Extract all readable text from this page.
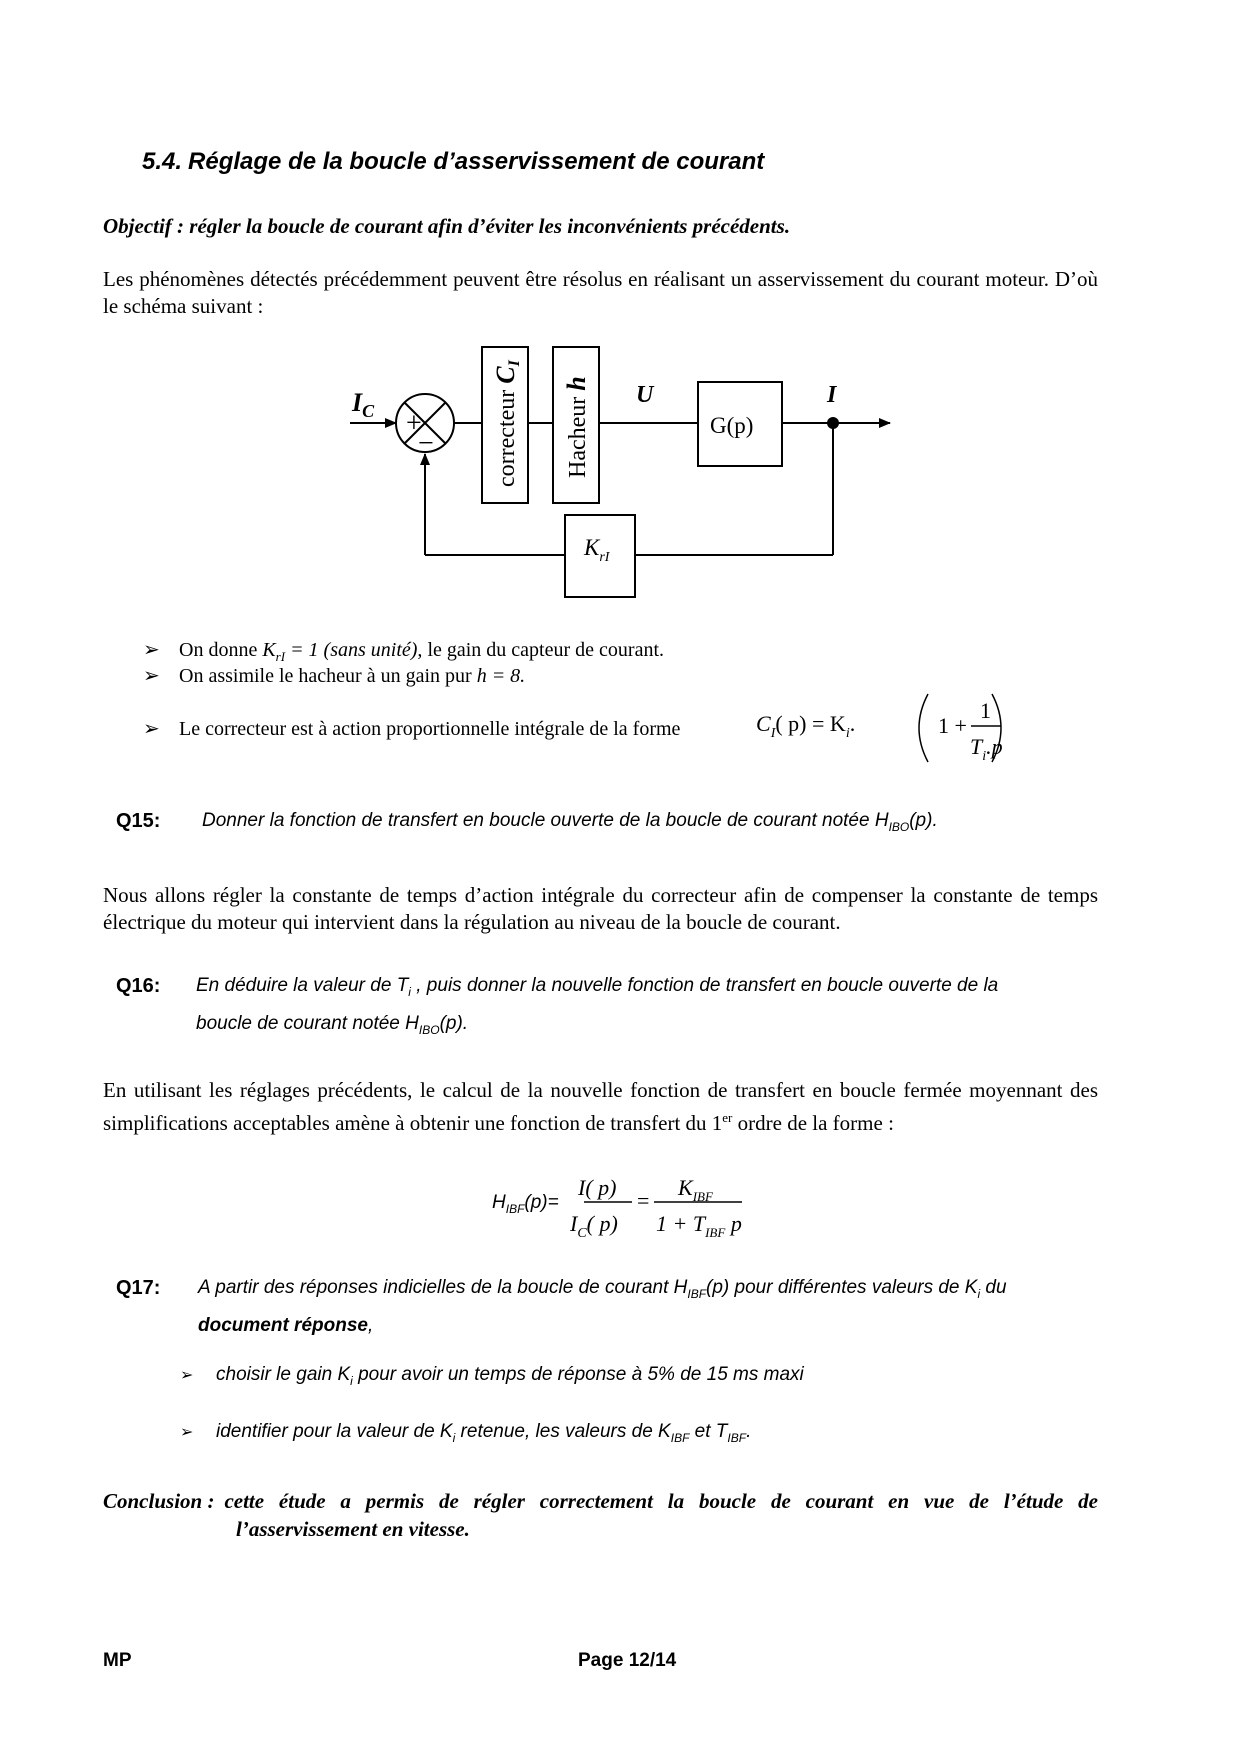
5.4. Réglage de la boucle d’asservissement de courant
Objectif : régler la boucle de courant afin d’éviter les inconvénients précédents.
Les phénomènes détectés précédemment peuvent être résolus en réalisant un asservissement du courant moteur. D’où le schéma suivant :
$I_C$ +
−	correcteur $C_I$
Hacheur h U
G(p)
I
$K_{rI}$
➢ On donne $K_{rI} = 1$ (sans unité), le gain du capteur de courant.
➢ On assimile le hacheur à un gain pur h = 8.
➢ Le correcteur est à action proportionnelle intégrale de la forme	$C_I$( $p) = K_i$.	1 +
1
$T_i.p$
Q15: Donner la fonction de transfert en boucle ouverte de la boucle de courant notée $H_{IBO}(p)$.
Nous allons régler la constante de temps d’action intégrale du correcteur afin de compenser la constante de temps électrique du moteur qui intervient dans la régulation au niveau de la boucle de courant.
Q16: En déduire la valeur de $T_i$ , puis donner la nouvelle fonction de transfert en boucle ouverte de la
boucle de courant notée $H_{IBO}(p)$.
En utilisant les réglages précédents, le calcul de la nouvelle fonction de transfert en boucle fermée moyennant des simplifications acceptables amène à obtenir une fonction de transfert du 1er ordre de la forme :
$H_{IBF}(p)=$
I( p)
$I_C$( p)
=
$K_{IBF}$
$1 + T_{IBF}$ p
Q17: A partir des réponses indicielles de la boucle de courant $H_{IBF}(p)$ pour différentes valeurs de $K_i$ du
document réponse,
➢ choisir le gain $K_i$ pour avoir un temps de réponse à 5% de 15 ms maxi
➢ identifier pour la valeur de $K_i$ retenue, les valeurs de $K_{IBF}$ et $T_{IBF}$.
Conclusion : cette étude a permis de régler correctement la boucle de courant en vue de l’étude de
l’asservissement en vitesse.
MP	Page 12/14
